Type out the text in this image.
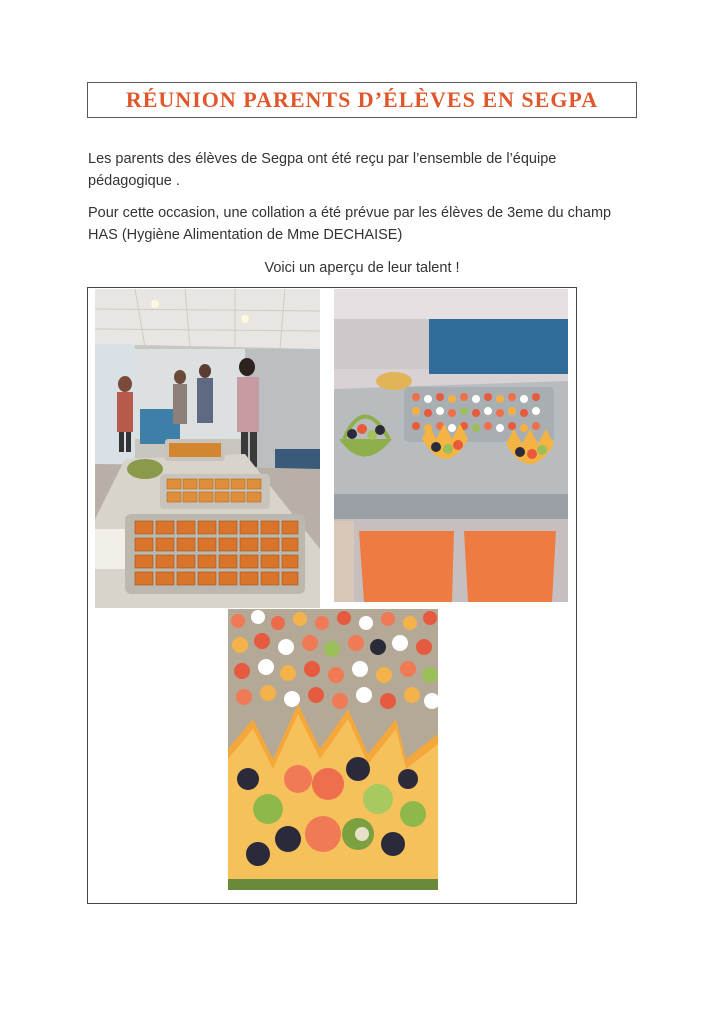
RÉUNION PARENTS D’ÉLÈVES EN SEGPA
Les parents des élèves de Segpa ont été reçu par l’ensemble de l’équipe pédagogique .
Pour cette occasion, une collation a été prévue par les élèves de 3eme du champ HAS (Hygiène Alimentation de Mme DECHAISE)
Voici un aperçu de leur talent !
